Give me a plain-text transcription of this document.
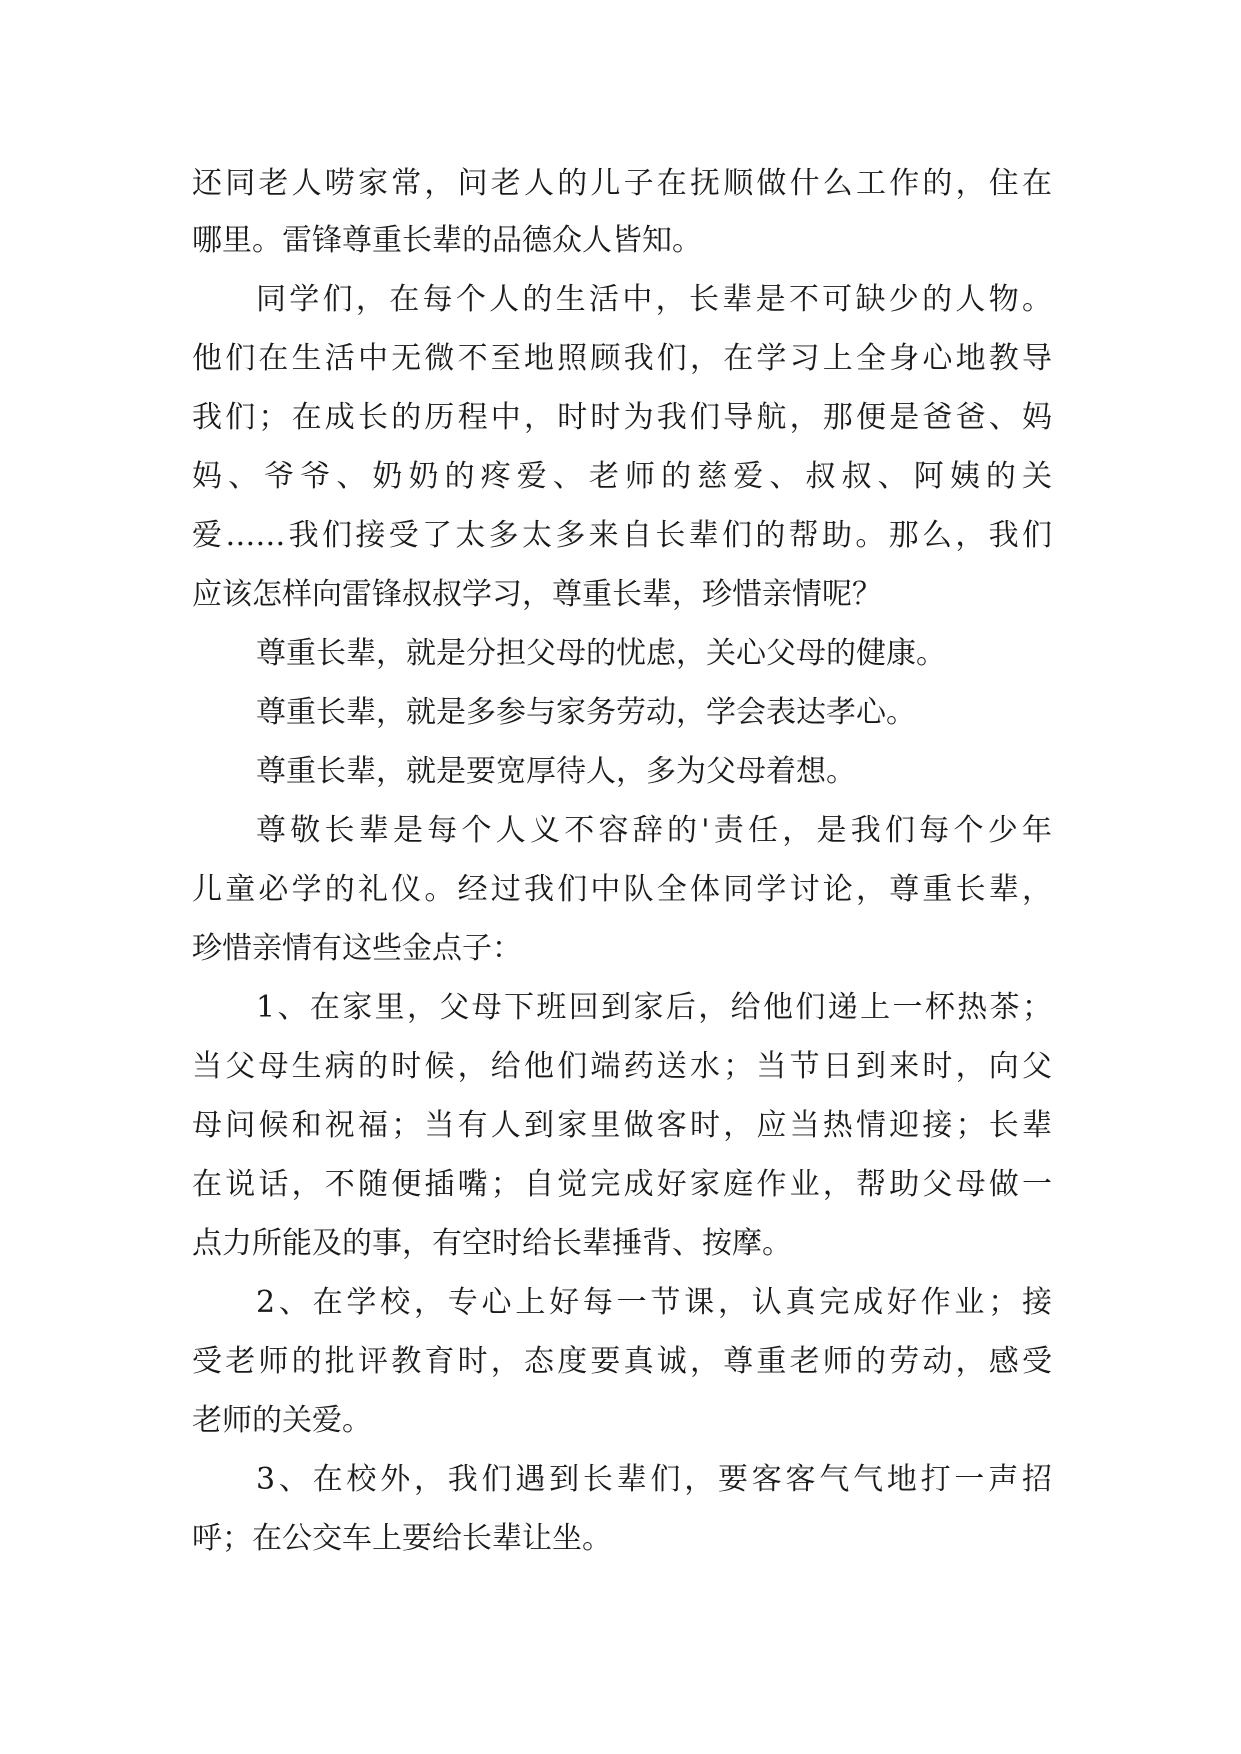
还同老人唠家常，问老人的儿子在抚顺做什么工作的，住在
哪里。雷锋尊重长辈的品德众人皆知。
同学们，在每个人的生活中，长辈是不可缺少的人物。
他们在生活中无微不至地照顾我们，在学习上全身心地教导
我们；在成长的历程中，时时为我们导航，那便是爸爸、妈
妈、爷爷、奶奶的疼爱、老师的慈爱、叔叔、阿姨的关
爱……我们接受了太多太多来自长辈们的帮助。那么，我们
应该怎样向雷锋叔叔学习，尊重长辈，珍惜亲情呢？
尊重长辈，就是分担父母的忧虑，关心父母的健康。
尊重长辈，就是多参与家务劳动，学会表达孝心。
尊重长辈，就是要宽厚待人，多为父母着想。
尊敬长辈是每个人义不容辞的'责任，是我们每个少年
儿童必学的礼仪。经过我们中队全体同学讨论，尊重长辈，
珍惜亲情有这些金点子：
1、在家里，父母下班回到家后，给他们递上一杯热茶；
当父母生病的时候，给他们端药送水；当节日到来时，向父
母问候和祝福；当有人到家里做客时，应当热情迎接；长辈
在说话，不随便插嘴；自觉完成好家庭作业，帮助父母做一
点力所能及的事，有空时给长辈捶背、按摩。
2、在学校，专心上好每一节课，认真完成好作业；接
受老师的批评教育时，态度要真诚，尊重老师的劳动，感受
老师的关爱。
3、在校外，我们遇到长辈们，要客客气气地打一声招
呼；在公交车上要给长辈让坐。
